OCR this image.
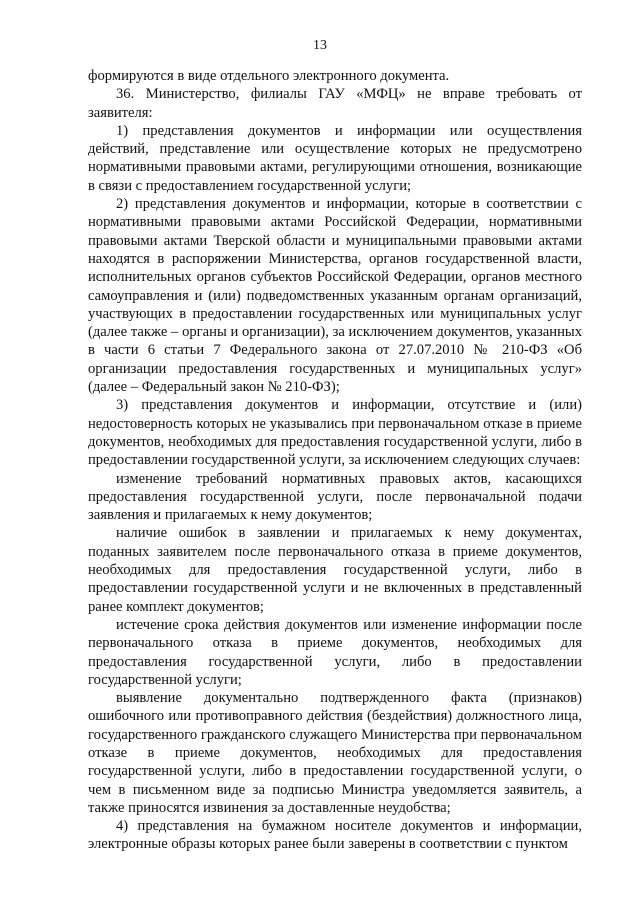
13

формируются в виде отдельного электронного документа.

36. Министерство, филиалы ГАУ «МФЦ» не вправе требовать от заявителя:

1) представления документов и информации или осуществления действий, представление или осуществление которых не предусмотрено нормативными правовыми актами, регулирующими отношения, возникающие в связи с предоставлением государственной услуги;

2) представления документов и информации, которые в соответствии с нормативными правовыми актами Российской Федерации, нормативными правовыми актами Тверской области и муниципальными правовыми актами находятся в распоряжении Министерства, органов государственной власти, исполнительных органов субъектов Российской Федерации, органов местного самоуправления и (или) подведомственных указанным органам организаций, участвующих в предоставлении государственных или муниципальных услуг (далее также – органы и организации), за исключением документов, указанных в части 6 статьи 7 Федерального закона от 27.07.2010 № 210-ФЗ «Об организации предоставления государственных и муниципальных услуг» (далее – Федеральный закон № 210-ФЗ);

3) представления документов и информации, отсутствие и (или) недостоверность которых не указывались при первоначальном отказе в приеме документов, необходимых для предоставления государственной услуги, либо в предоставлении государственной услуги, за исключением следующих случаев:

изменение требований нормативных правовых актов, касающихся предоставления государственной услуги, после первоначальной подачи заявления и прилагаемых к нему документов;

наличие ошибок в заявлении и прилагаемых к нему документах, поданных заявителем после первоначального отказа в приеме документов, необходимых для предоставления государственной услуги, либо в предоставлении государственной услуги и не включенных в представленный ранее комплект документов;

истечение срока действия документов или изменение информации после первоначального отказа в приеме документов, необходимых для предоставления государственной услуги, либо в предоставлении государственной услуги;

выявление документально подтвержденного факта (признаков) ошибочного или противоправного действия (бездействия) должностного лица, государственного гражданского служащего Министерства при первоначальном отказе в приеме документов, необходимых для предоставления государственной услуги, либо в предоставлении государственной услуги, о чем в письменном виде за подписью Министра уведомляется заявитель, а также приносятся извинения за доставленные неудобства;

4) представления на бумажном носителе документов и информации, электронные образы которых ранее были заверены в соответствии с пунктом
